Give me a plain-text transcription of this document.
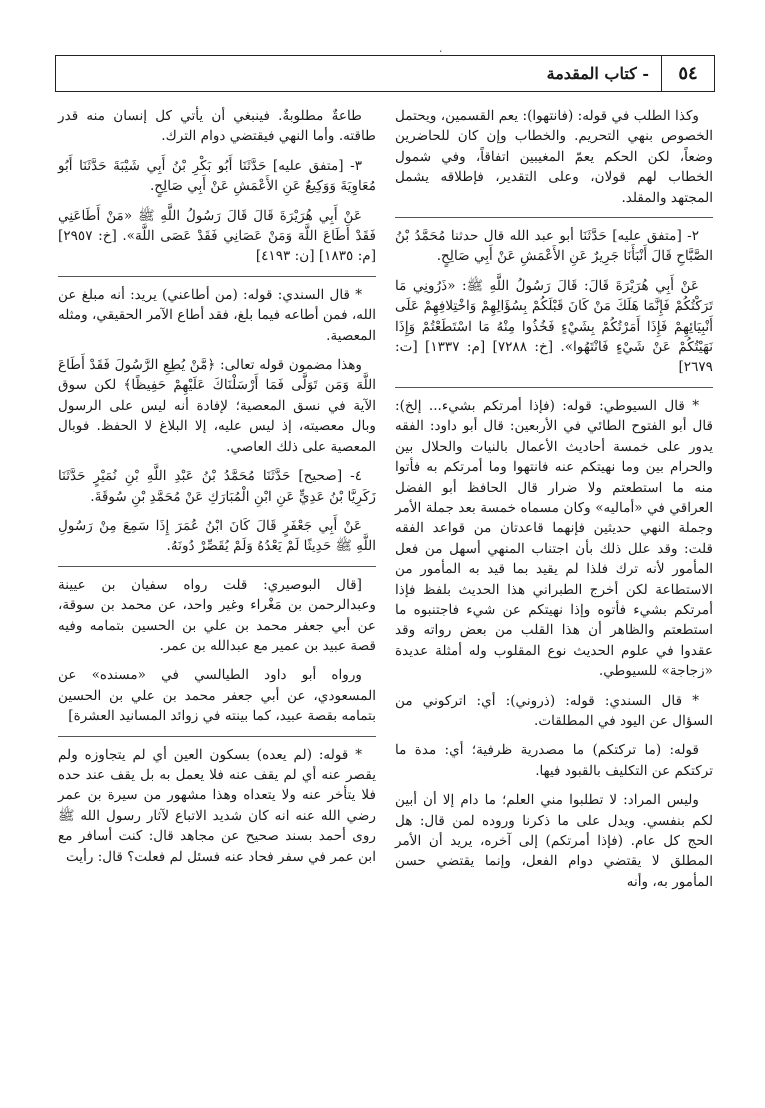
٠
٥٤
- كتاب المقدمة

وكذا الطلب في قوله: (فانتهوا): يعم القسمين، ويحتمل الخصوص بنهي التحريم. والخطاب وإن كان للحاضرين وضعاً، لكن الحكم يعمّ المغيبين اتفاقاً، وفي شمول الخطاب لهم قولان، وعلى التقدير، فإطلاقه يشمل المجتهد والمقلد.

٢- [متفق عليه] حَدَّثَنَا أبو عبد الله قال حدثنا مُحَمَّدُ بْنُ الصَّبَّاحِ قَالَ أَنْبَأَنَا جَرِيرٌ عَنِ الأَعْمَشِ عَنْ أَبِي صَالِحٍ.

عَنْ أَبِي هُرَيْرَةَ قَالَ: قَالَ رَسُولُ اللَّهِ ﷺ: «ذَرُونِي مَا تَرَكْتُكُمْ فَإِنَّمَا هَلَكَ مَنْ كَانَ قَبْلَكُمْ بِسُؤَالِهِمْ وَاخْتِلافِهِمْ عَلَى أَنْبِيَائِهِمْ فَإِذَا أَمَرْتُكُمْ بِشَيْءٍ فَخُذُوا مِنْهُ مَا اسْتَطَعْتُمْ وَإِذَا نَهَيْتُكُمْ عَنْ شَيْءٍ فَانْتَهُوا». [خ: ٧٢٨٨] [م: ١٣٣٧] [ت: ٢٦٧٩]

* قال السيوطي: قوله: (فإذا أمرتكم بشيء... إلخ): قال أبو الفتوح الطائي في الأربعين: قال أبو داود: الفقه يدور على خمسة أحاديث الأعمال بالنيات والحلال بين والحرام بين وما نهيتكم عنه فانتهوا وما أمرتكم به فأتوا منه ما استطعتم ولا ضرار قال الحافظ أبو الفضل العراقي في «أماليه» وكان مسماه خمسة بعد جملة الأمر وجملة النهي حديثين فإنهما قاعدتان من قواعد الفقه قلت: وقد علل ذلك بأن اجتناب المنهي أسهل من فعل المأمور لأنه ترك فلذا لم يقيد بما قيد به المأمور من الاستطاعة لكن أخرج الطبراني هذا الحديث بلفظ فإذا أمرتكم بشيء فأتوه وإذا نهيتكم عن شيء فاجتنبوه ما استطعتم والظاهر أن هذا القلب من بعض رواته وقد عقدوا في علوم الحديث نوع المقلوب وله أمثلة عديدة «زجاجة» للسيوطي.

* قال السندي: قوله: (ذروني): أي: اتركوني من السؤال عن اليود في المطلقات.

قوله: (ما تركتكم) ما مصدرية ظرفية؛ أي: مدة ما تركتكم عن التكليف بالقبود فيها.

وليس المراد: لا تطلبوا مني العلم؛ ما دام إلا أن أبين لكم بنفسي. ويدل على ما ذكرنا وروده لمن قال: هل الحج كل عام. (فإذا أمرتكم) إلى آخره، يريد أن الأمر المطلق لا يقتضي دوام الفعل، وإنما يقتضي حسن المأمور به، وأنه

طاعةٌ مطلوبةٌ. فينبغي أن يأتي كل إنسان منه قدر طاقته. وأما النهي فيقتضي دوام الترك.

٣- [متفق عليه] حَدَّثَنَا أَبُو بَكْرِ بْنُ أَبِي شَيْبَةَ حَدَّثَنَا أَبُو مُعَاوِيَةَ وَوَكِيعٌ عَنِ الأَعْمَشِ عَنْ أَبِي صَالِحٍ.

عَنْ أَبِي هُرَيْرَةَ قَالَ قَالَ رَسُولُ اللَّهِ ﷺ «مَنْ أَطَاعَنِي فَقَدْ أَطَاعَ اللَّهَ وَمَنْ عَصَانِي فَقَدْ عَصَى اللَّهَ». [خ: ٢٩٥٧] [م: ١٨٣٥] [ن: ٤١٩٣]

* قال السندي: قوله: (من أطاعني) يريد: أنه مبلغ عن الله، فمن أطاعه فيما بلغ، فقد أطاع الآمر الحقيقي، ومثله المعصية.

وهذا مضمون قوله تعالى: ﴿مَّنْ يُطِعِ الرَّسُولَ فَقَدْ أَطَاعَ اللَّهَ وَمَن تَوَلَّى فَمَا أَرْسَلْنَاكَ عَلَيْهِمْ حَفِيظًا﴾ لكن سوق الآية في نسق المعصية؛ لإفادة أنه ليس على الرسول وبال معصيته، إذ ليس عليه، إلا البلاغ لا الحفظ. فوبال المعصية على ذلك العاصي.

٤- [صحيح] حَدَّثَنَا مُحَمَّدُ بْنُ عَبْدِ اللَّهِ بْنِ نُمَيْرٍ حَدَّثَنَا زَكَرِيَّا بْنُ عَدِيٍّ عَنِ ابْنِ الْمُبَارَكِ عَنْ مُحَمَّدِ بْنِ سُوقَةَ.

عَنْ أَبِي جَعْفَرٍ قَالَ كَانَ ابْنُ عُمَرَ إِذَا سَمِعَ مِنْ رَسُولِ اللَّهِ ﷺ حَدِيثًا لَمْ يَعْدُهُ وَلَمْ يُقَصِّرْ دُونَهُ.

[قال البوصيري: قلت رواه سفيان بن عيينة وعبدالرحمن بن مَغْراء وغير واحد، عن محمد بن سوقة، عن أبي جعفر محمد بن علي بن الحسين بتمامه وفيه قصة عبيد بن عمير مع عبدالله بن عمر.

ورواه أبو داود الطيالسي في «مسنده» عن المسعودي، عن أبي جعفر محمد بن علي بن الحسين بتمامه بقصة عبيد، كما بينته في زوائد المسانيد العشرة]

* قوله: (لم يعده) بسكون العين أي لم يتجاوزه ولم يقصر عنه أي لم يقف عنه فلا يعمل به بل يقف عند حده فلا يتأخر عنه ولا يتعداه وهذا مشهور من سيرة بن عمر رضي الله عنه انه كان شديد الاتباع لآثار رسول الله ﷺ روى أحمد بسند صحيح عن مجاهد قال: كنت أسافر مع ابن عمر في سفر فحاد عنه فسئل لم فعلت؟ قال: رأيت
